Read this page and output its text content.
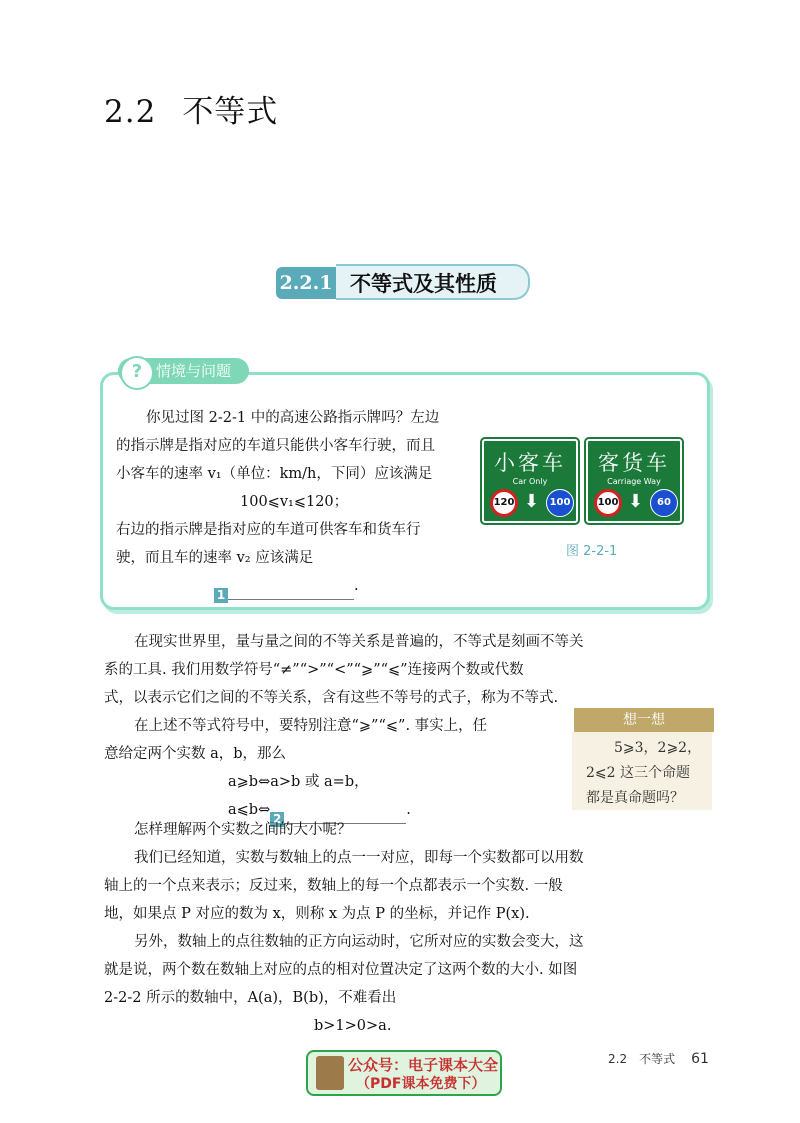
2.2 不等式
2.2.1 不等式及其性质
情境与问题
?
你见过图 2-2-1 中的高速公路指示牌吗？左边
的指示牌是指对应的车道只能供小客车行驶，而且
小客车的速率 v₁（单位：km/h，下同）应该满足
100⩽v₁⩽120；
右边的指示牌是指对应的车道可供客车和货车行
驶，而且车的速率 v₂ 应该满足
1.
小客车
Car Only
120 ⬇	100
客货车
Carriage Way
100 ⬇	60
图 2-2-1
在现实世界里，量与量之间的不等关系是普遍的，不等式是刻画不等关
系的工具. 我们用数学符号“≠”“>”“<”“⩾”“⩽”连接两个数或代数
式，以表示它们之间的不等关系，含有这些不等号的式子，称为不等式.
在上述不等式符号中，要特别注意“⩾”“⩽”. 事实上，任
意给定两个实数 a，b，那么
a⩾b⇔a>b 或 a=b，
a⩽b⇔2.
怎样理解两个实数之间的大小呢？
我们已经知道，实数与数轴上的点一一对应，即每一个实数都可以用数
轴上的一个点来表示；反过来，数轴上的每一个点都表示一个实数. 一般
地，如果点 P 对应的数为 x，则称 x 为点 P 的坐标，并记作 P(x).
另外，数轴上的点往数轴的正方向运动时，它所对应的实数会变大，这
就是说，两个数在数轴上对应的点的相对位置决定了这两个数的大小. 如图
2-2-2 所示的数轴中，A(a)，B(b)，不难看出
b>1>0>a.
想一想
5⩾3，2⩾2，
2⩽2 这三个命题
都是真命题吗？
公众号：电子课本大全
（PDF课本免费下）
2.2　不等式 61
